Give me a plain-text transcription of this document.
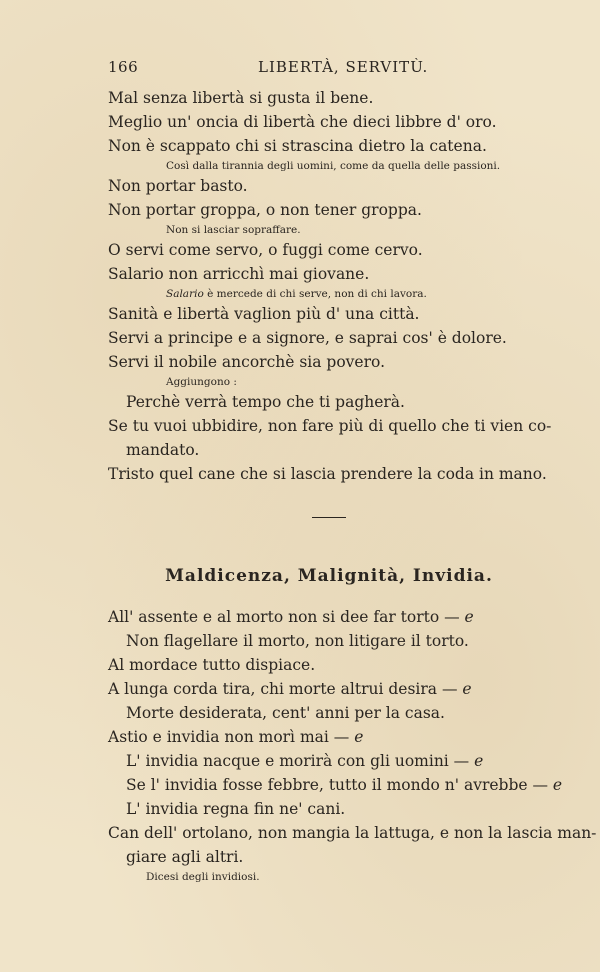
166	LIBERTÀ, SERVITÙ.
Mal senza libertà si gusta il bene.
Meglio un' oncia di libertà che dieci libbre d' oro.
Non è scappato chi si strascina dietro la catena.
Così dalla tirannia degli uomini, come da quella delle passioni.
Non portar basto.
Non portar groppa, o non tener groppa.
Non si lasciar sopraffare.
O servi come servo, o fuggi come cervo.
Salario non arricchì mai giovane.
Salario è mercede di chi serve, non di chi lavora.
Sanità e libertà vaglion più d' una città.
Servi a principe e a signore, e saprai cos' è dolore.
Servi il nobile ancorchè sia povero.
Aggiungono :
Perchè verrà tempo che ti pagherà.
Se tu vuoi ubbidire, non fare più di quello che ti vien co-
mandato.
Tristo quel cane che si lascia prendere la coda in mano.
Maldicenza, Malignità, Invidia.
All' assente e al morto non si dee far torto — e
Non flagellare il morto, non litigare il torto.
Al mordace tutto dispiace.
A lunga corda tira, chi morte altrui desira — e
Morte desiderata, cent' anni per la casa.
Astio e invidia non morì mai — e
L' invidia nacque e morirà con gli uomini — e
Se l' invidia fosse febbre, tutto il mondo n' avrebbe — e
L' invidia regna fin ne' cani.
Can dell' ortolano, non mangia la lattuga, e non la lascia man-
giare agli altri.
Dicesi degli invidiosi.
